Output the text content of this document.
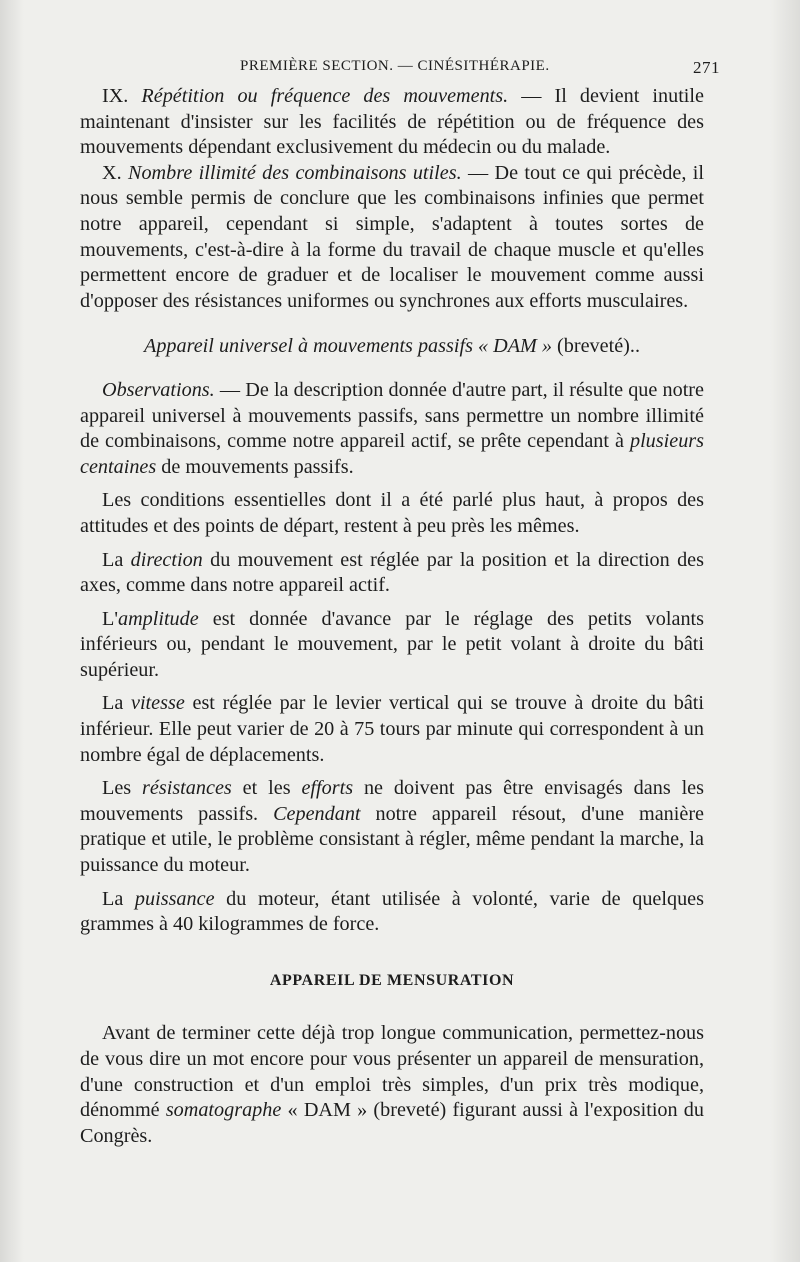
PREMIÈRE SECTION. — CINÉSITHÉRAPIE.	271

IX. Répétition ou fréquence des mouvements. — Il devient inutile maintenant d'insister sur les facilités de répétition ou de fréquence des mouvements dépendant exclusivement du médecin ou du malade.

X. Nombre illimité des combinaisons utiles. — De tout ce qui précède, il nous semble permis de conclure que les combinaisons infinies que permet notre appareil, cependant si simple, s'adaptent à toutes sortes de mouvements, c'est-à-dire à la forme du travail de chaque muscle et qu'elles permettent encore de graduer et de localiser le mouvement comme aussi d'opposer des résistances uniformes ou synchrones aux efforts musculaires.

Appareil universel à mouvements passifs « DAM » (breveté)..

Observations. — De la description donnée d'autre part, il résulte que notre appareil universel à mouvements passifs, sans permettre un nombre illimité de combinaisons, comme notre appareil actif, se prête cependant à plusieurs centaines de mouvements passifs.

Les conditions essentielles dont il a été parlé plus haut, à propos des attitudes et des points de départ, restent à peu près les mêmes.

La direction du mouvement est réglée par la position et la direction des axes, comme dans notre appareil actif.

L'amplitude est donnée d'avance par le réglage des petits volants inférieurs ou, pendant le mouvement, par le petit volant à droite du bâti supérieur.

La vitesse est réglée par le levier vertical qui se trouve à droite du bâti inférieur. Elle peut varier de 20 à 75 tours par minute qui correspondent à un nombre égal de déplacements.

Les résistances et les efforts ne doivent pas être envisagés dans les mouvements passifs. Cependant notre appareil résout, d'une manière pratique et utile, le problème consistant à régler, même pendant la marche, la puissance du moteur.

La puissance du moteur, étant utilisée à volonté, varie de quelques grammes à 40 kilogrammes de force.

APPAREIL DE MENSURATION

Avant de terminer cette déjà trop longue communication, permettez-nous de vous dire un mot encore pour vous présenter un appareil de mensuration, d'une construction et d'un emploi très simples, d'un prix très modique, dénommé somatographe « DAM » (breveté) figurant aussi à l'exposition du Congrès.
